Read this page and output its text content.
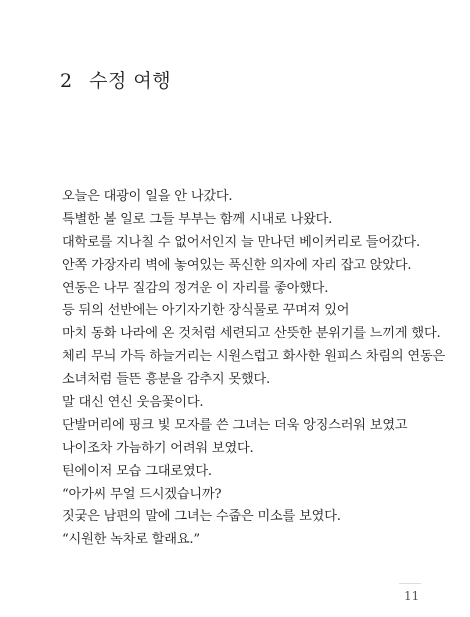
2 수정 여행
오늘은 대광이 일을 안 나갔다.
특별한 볼 일로 그들 부부는 함께 시내로 나왔다.
대학로를 지나칠 수 없어서인지 늘 만나던 베이커리로 들어갔다.
안쪽 가장자리 벽에 놓여있는 푹신한 의자에 자리 잡고 앉았다.
연동은 나무 질감의 정겨운 이 자리를 좋아했다.
등 뒤의 선반에는 아기자기한 장식물로 꾸며져 있어
마치 동화 나라에 온 것처럼 세련되고 산뜻한 분위기를 느끼게 했다.
체리 무늬 가득 하늘거리는 시원스럽고 화사한 원피스 차림의 연동은
소녀처럼 들뜬 흥분을 감추지 못했다.
말 대신 연신 웃음꽃이다.
단발머리에 핑크 빛 모자를 쓴 그녀는 더욱 앙징스러워 보였고
나이조차 가늠하기 어려워 보였다.
틴에이저 모습 그대로였다.
“아가씨 무얼 드시겠습니까?
짓궂은 남편의 말에 그녀는 수줍은 미소를 보였다.
“시원한 녹차로 할래요.”
11
